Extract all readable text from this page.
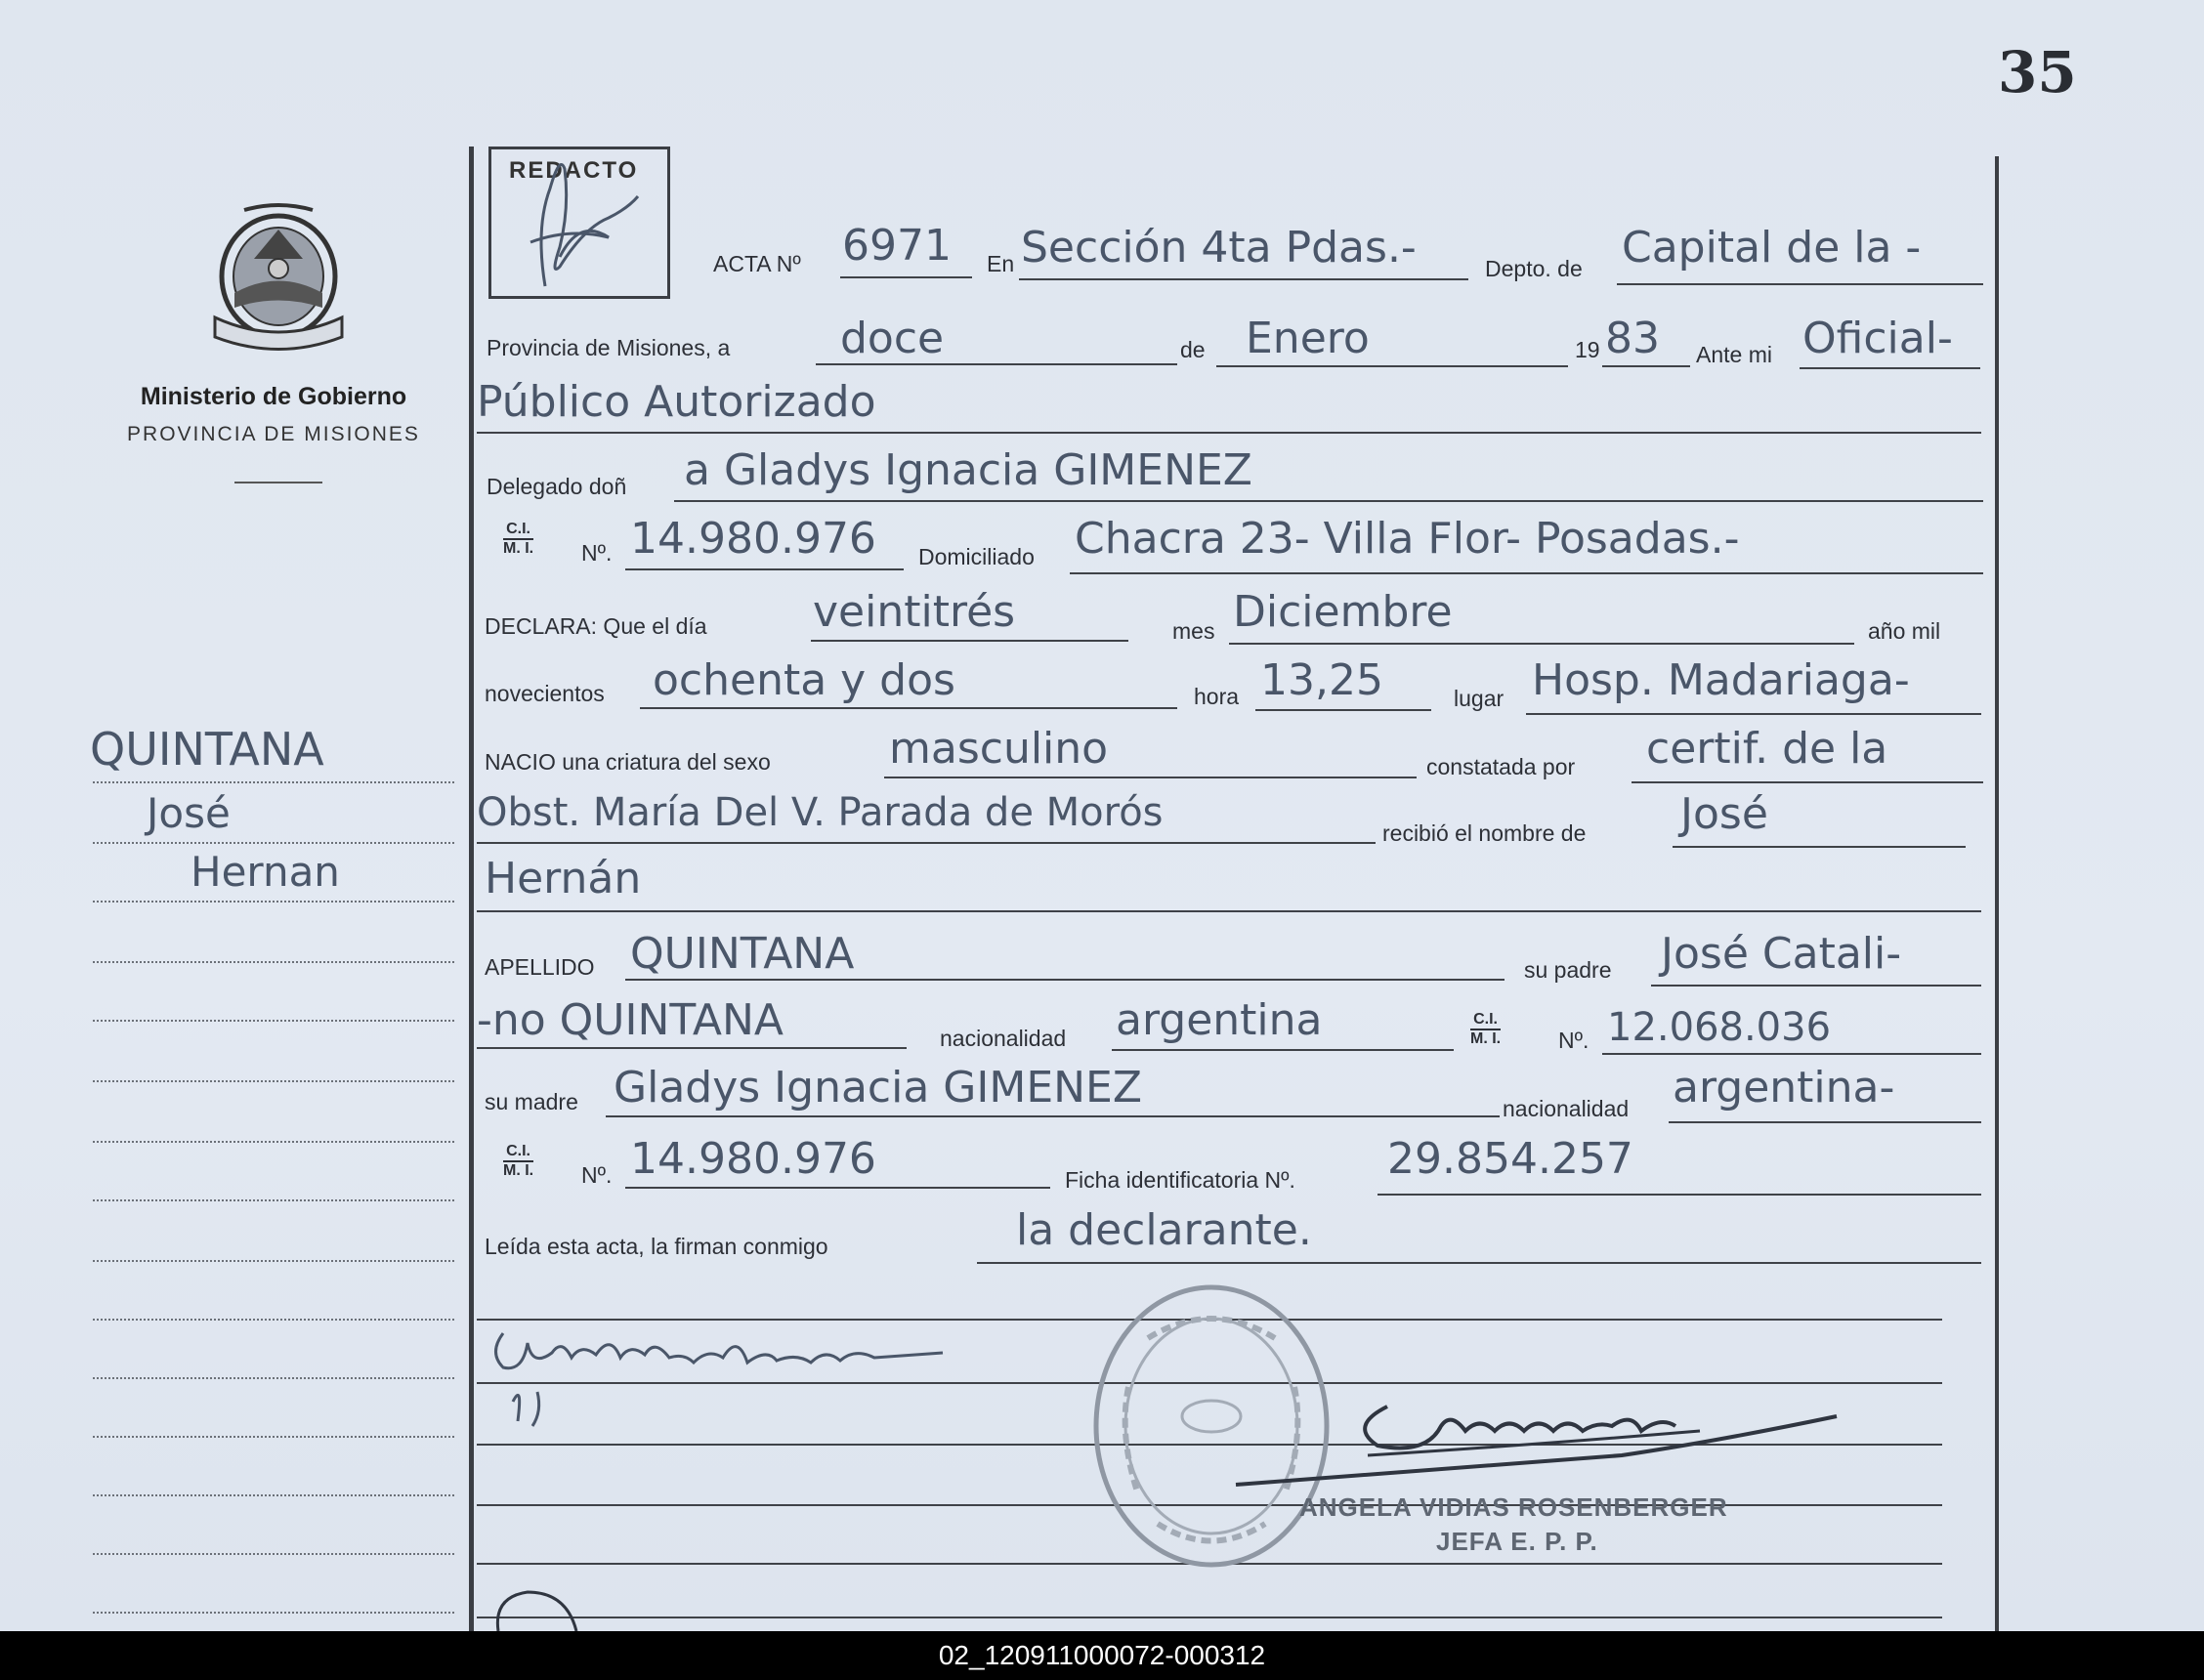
35
Ministerio de Gobierno
PROVINCIA DE MISIONES
QUINTANA
José
Hernan
REDACTO
ACTA Nº 6971 En Sección 4ta Pdas.-	Depto. de Capital de la -
Provincia de Misiones, a	doce	de Enero	19 83 Ante mi Oficial-
Público Autorizado
Delegado doñ a Gladys Ignacia GIMENEZ
C.I.
M. I. Nº. 14.980.976 Domiciliado Chacra 23- Villa Flor- Posadas.-
DECLARA: Que el día veintitrés	mes Diciembre	año mil
novecientos ochenta y dos	hora 13,25	lugar Hosp. Madariaga-
NACIO una criatura del sexo	masculino	constatada por certif. de la
Obst. María Del V. Parada de Morós	recibió el nombre de José
Hernán
APELLIDO QUINTANA	su padre José Catali-
-no QUINTANA	nacionalidad argentina	C.I.
M. I.	Nº. 12.068.036
su madre Gladys Ignacia GIMENEZ	nacionalidad argentina-
C.I.
M. I. Nº. 14.980.976	Ficha identificatoria Nº. 29.854.257
Leída esta acta, la firman conmigo	la declarante.
ANGELA VIDIAS ROSENBERGER
JEFA E. P. P.
02_120911000072-000312
